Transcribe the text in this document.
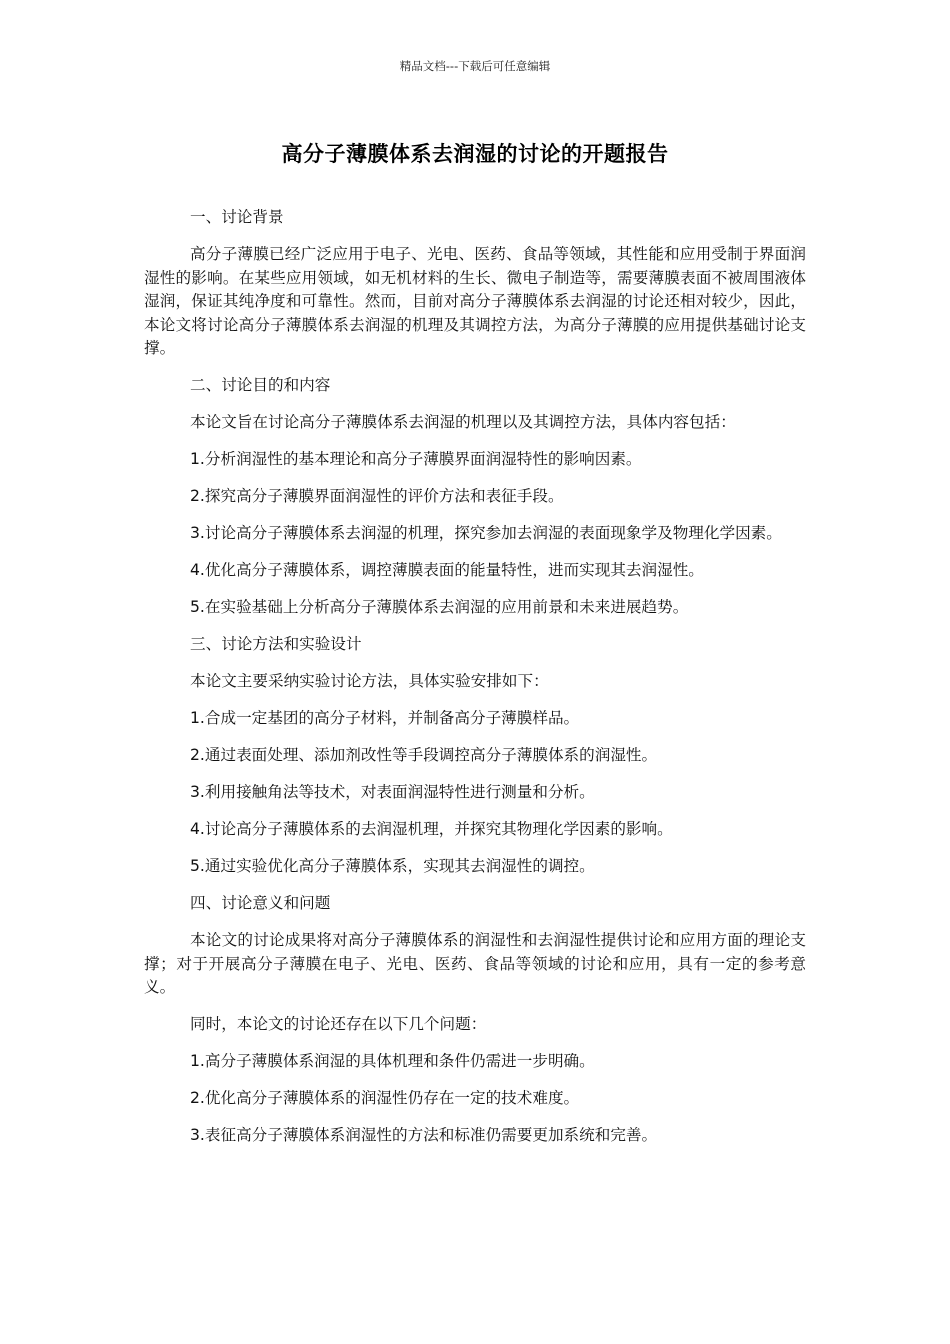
精品文档---下载后可任意编辑
高分子薄膜体系去润湿的讨论的开题报告

一、讨论背景

高分子薄膜已经广泛应用于电子、光电、医药、食品等领域，其性能和应用受制于界面润湿性的影响。在某些应用领域，如无机材料的生长、微电子制造等，需要薄膜表面不被周围液体湿润，保证其纯净度和可靠性。然而，目前对高分子薄膜体系去润湿的讨论还相对较少，因此，本论文将讨论高分子薄膜体系去润湿的机理及其调控方法，为高分子薄膜的应用提供基础讨论支撑。

二、讨论目的和内容

本论文旨在讨论高分子薄膜体系去润湿的机理以及其调控方法，具体内容包括：

1.分析润湿性的基本理论和高分子薄膜界面润湿特性的影响因素。

2.探究高分子薄膜界面润湿性的评价方法和表征手段。

3.讨论高分子薄膜体系去润湿的机理，探究参加去润湿的表面现象学及物理化学因素。

4.优化高分子薄膜体系，调控薄膜表面的能量特性，进而实现其去润湿性。

5.在实验基础上分析高分子薄膜体系去润湿的应用前景和未来进展趋势。

三、讨论方法和实验设计

本论文主要采纳实验讨论方法，具体实验安排如下：

1.合成一定基团的高分子材料，并制备高分子薄膜样品。

2.通过表面处理、添加剂改性等手段调控高分子薄膜体系的润湿性。

3.利用接触角法等技术，对表面润湿特性进行测量和分析。

4.讨论高分子薄膜体系的去润湿机理，并探究其物理化学因素的影响。

5.通过实验优化高分子薄膜体系，实现其去润湿性的调控。

四、讨论意义和问题

本论文的讨论成果将对高分子薄膜体系的润湿性和去润湿性提供讨论和应用方面的理论支撑；对于开展高分子薄膜在电子、光电、医药、食品等领域的讨论和应用，具有一定的参考意义。

同时，本论文的讨论还存在以下几个问题：

1.高分子薄膜体系润湿的具体机理和条件仍需进一步明确。

2.优化高分子薄膜体系的润湿性仍存在一定的技术难度。

3.表征高分子薄膜体系润湿性的方法和标准仍需要更加系统和完善。
